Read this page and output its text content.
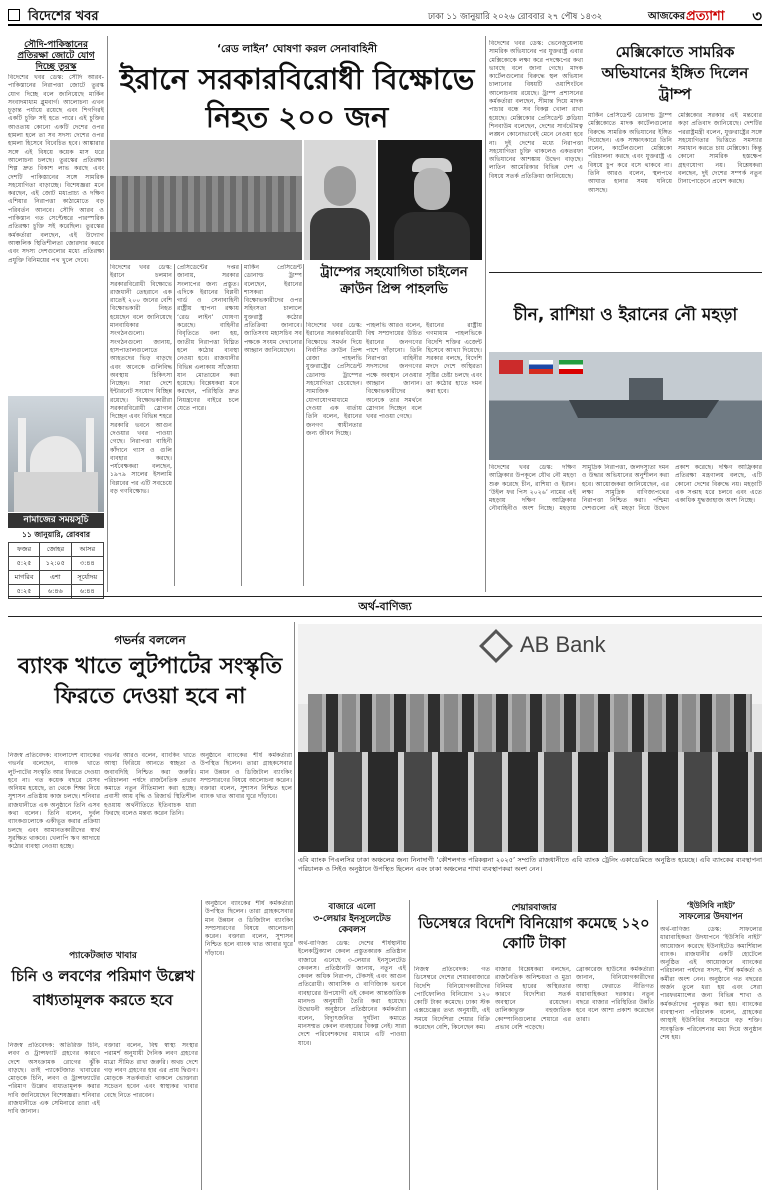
বিদেশের খবর	ঢাকা ১১ জানুয়ারি ২০২৬ রোববার ২৭ পৌষ ১৪৩২	আজকের প্রত্যাশা ৩
সৌদি-পাকিস্তানের প্রতিরক্ষা জোটে যোগ দিচ্ছে তুরস্ক
বিদেশের খবর ডেস্ক: সৌদি আরব-পাকিস্তানের নিরাপত্তা জোটে তুরস্ক যোগ দিচ্ছে বলে জানিয়েছে মার্কিন সংবাদমাধ্যম ব্লুমবার্গ। আলোচনা এখন চূড়ান্ত পর্যায়ে রয়েছে এবং শিগগিরই একটি চুক্তি সই হতে পারে। এই চুক্তির আওতায় কোনো একটি দেশের ওপর হামলা হলে তা সব সদস্য দেশের ওপর হামলা হিসেবে বিবেচিত হবে। আঙ্কারার সঙ্গে এই বিষয়ে কয়েক মাস ধরে আলোচনা চলছে। তুরস্কের প্রতিরক্ষা শিল্প দ্রুত বিকাশ লাভ করছে এবং দেশটি পাকিস্তানের সঙ্গে সামরিক সহযোগিতা বাড়াচ্ছে। বিশেষজ্ঞরা মনে করছেন, এই জোট মধ্যপ্রাচ্য ও দক্ষিণ এশিয়ার নিরাপত্তা কাঠামোতে বড় পরিবর্তন আনবে। সৌদি আরব ও পাকিস্তান গত সেপ্টেম্বরে পারস্পরিক প্রতিরক্ষা চুক্তি সই করেছিল। তুরস্কের কর্মকর্তারা বলছেন, এই উদ্যোগ আঞ্চলিক স্থিতিশীলতা জোরদার করবে এবং সদস্য দেশগুলোর মধ্যে প্রতিরক্ষা প্রযুক্তি বিনিময়ের পথ খুলে দেবে।
নামাজের সময়সূচি
১১ জানুয়ারি, রোববার
ফজর	জোহর	আসর
৫:২৫	১২:০৫	৩:৪৪
মাগরিব	এশা	সূর্যোদয়
৫:২৫	৬:৪৬	৬:৪৪
‘রেড লাইন’ ঘোষণা করল সেনাবাহিনী
ইরানে সরকারবিরোধী বিক্ষোভে নিহত ২০০ জন
বিদেশের খবর ডেস্ক: ইরানে চলমান সরকারবিরোধী বিক্ষোভে রাজধানী তেহরানে এক রাতেই ২০০ জনের বেশি বিক্ষোভকারী নিহত হয়েছেন বলে জানিয়েছে মানবাধিকার সংগঠনগুলো। সংগঠনগুলো জানায়, হাসপাতালগুলোতে আহতদের ভিড় বাড়ছে এবং অনেকে গুলিবিদ্ধ অবস্থায় চিকিৎসা নিচ্ছেন। সারা দেশে ইন্টারনেট সংযোগ বিচ্ছিন্ন রয়েছে। বিক্ষোভকারীরা সরকারবিরোধী স্লোগান দিচ্ছেন এবং বিভিন্ন শহরে সরকারি ভবনে আগুন দেওয়ার খবর পাওয়া গেছে। নিরাপত্তা বাহিনী কাঁদানে গ্যাস ও গুলি ব্যবহার করছে। পর্যবেক্ষকরা বলছেন, ১৯৭৯ সালের ইসলামি বিপ্লবের পর এটি সবচেয়ে বড় গণবিক্ষোভ।
প্রেসিডেন্টের দপ্তর জানায়, সরকার সংলাপের জন্য প্রস্তুত। এদিকে ইরানের বিপ্লবী গার্ড ও সেনাবাহিনী রাষ্ট্রীয় স্থাপনা রক্ষায় ‘রেড লাইন’ ঘোষণা করেছে। বাহিনীর বিবৃতিতে বলা হয়, জাতীয় নিরাপত্তা বিঘ্নিত হলে কঠোর ব্যবস্থা নেওয়া হবে। রাজধানীর বিভিন্ন এলাকায় সাঁজোয়া যান মোতায়েন করা হয়েছে। বিশ্লেষকরা মনে করছেন, পরিস্থিতি দ্রুত নিয়ন্ত্রণের বাইরে চলে যেতে পারে।
মার্কিন প্রেসিডেন্ট ডোনাল্ড ট্রাম্প বলেছেন, ইরানের শাসকরা বিক্ষোভকারীদের ওপর সহিংসতা চালালে যুক্তরাষ্ট্র কঠোর প্রতিক্রিয়া জানাবে। জাতিসংঘ মহাসচিব সব পক্ষকে সংযম দেখানোর আহ্বান জানিয়েছেন।
ট্রাম্পের সহযোগিতা চাইলেন ক্রাউন প্রিন্স পাহলভি
বিদেশের খবর ডেস্ক: ইরানের সরকারবিরোধী বিক্ষোভে সমর্থন দিয়ে নির্বাসিত ক্রাউন প্রিন্স রেজা পাহলভি যুক্তরাষ্ট্রের প্রেসিডেন্ট ডোনাল্ড ট্রাম্পের সহযোগিতা চেয়েছেন। সামাজিক যোগাযোগমাধ্যমে দেওয়া এক বার্তায় তিনি বলেন, ইরানের জনগণ স্বাধীনতার জন্য জীবন দিচ্ছে।
পাহলভি আরও বলেন, বিশ্ব সম্প্রদায়ের উচিত ইরানের জনগণের পাশে দাঁড়ানো। তিনি নিরাপত্তা বাহিনীর সদস্যদের জনগণের পক্ষে অবস্থান নেওয়ার আহ্বান জানান। বিক্ষোভকারীদের অনেকে তার সমর্থনে স্লোগান দিচ্ছেন বলে খবর পাওয়া গেছে।
ইরানের রাষ্ট্রীয় গণমাধ্যম পাহলভিকে বিদেশি শক্তির এজেন্ট হিসেবে আখ্যা দিয়েছে। সরকার বলছে, বিদেশি মদদে দেশে অস্থিরতা সৃষ্টির চেষ্টা চলছে এবং তা কঠোর হাতে দমন করা হবে।
বিদেশের খবর ডেস্ক: ভেনেজুয়েলায় সামরিক অভিযানের পর যুক্তরাষ্ট্র এবার মেক্সিকোকে লক্ষ্য করে পদক্ষেপের কথা ভাবছে বলে জানা গেছে। মাদক কার্টেলগুলোর বিরুদ্ধে স্থল অভিযান চালানোর বিষয়টি ওয়াশিংটনে আলোচনায় রয়েছে। ট্রাম্প প্রশাসনের কর্মকর্তারা বলছেন, সীমান্ত দিয়ে মাদক পাচার বন্ধে সব বিকল্প খোলা রাখা হয়েছে। মেক্সিকোর প্রেসিডেন্ট ক্লডিয়া শিনবাউম বলেছেন, দেশের সার্বভৌমত্ব লঙ্ঘন কোনোভাবেই মেনে নেওয়া হবে না। দুই দেশের মধ্যে নিরাপত্তা সহযোগিতা চুক্তি থাকলেও একতরফা অভিযানের আশঙ্কায় উদ্বেগ বাড়ছে। লাতিন আমেরিকার বিভিন্ন দেশ এ বিষয়ে সতর্ক প্রতিক্রিয়া জানিয়েছে।
মেক্সিকোতে সামরিক অভিযানের ইঙ্গিত দিলেন ট্রাম্প
মার্কিন প্রেসিডেন্ট ডোনাল্ড ট্রাম্প মেক্সিকোতে মাদক কার্টেলগুলোর বিরুদ্ধে সামরিক অভিযানের ইঙ্গিত দিয়েছেন। এক সাক্ষাৎকারে তিনি বলেন, কার্টেলগুলো মেক্সিকো পরিচালনা করছে এবং যুক্তরাষ্ট্র এ বিষয়ে চুপ করে বসে থাকবে না। তিনি আরও বলেন, স্থলপথে আঘাত হানার সময় ঘনিয়ে আসছে।
মেক্সিকোর সরকার এই মন্তব্যের কড়া প্রতিবাদ জানিয়েছে। দেশটির পররাষ্ট্রমন্ত্রী বলেন, যুক্তরাষ্ট্রের সঙ্গে সহযোগিতার ভিত্তিতে সমস্যার সমাধান করতে চায় মেক্সিকো। কিন্তু কোনো সামরিক হস্তক্ষেপ গ্রহণযোগ্য নয়। বিশ্লেষকরা বলছেন, দুই দেশের সম্পর্ক নতুন টানাপোড়েনে প্রবেশ করছে।
চীন, রাশিয়া ও ইরানের নৌ মহড়া
বিদেশের খবর ডেস্ক: দক্ষিণ আফ্রিকার উপকূলে যৌথ নৌ মহড়া শুরু করেছে চীন, রাশিয়া ও ইরান। ‘উইল ফর পিস ২০২৬’ নামের এই মহড়ায় দক্ষিণ আফ্রিকার নৌবাহিনীও অংশ নিচ্ছে। মহড়ায় সামুদ্রিক নিরাপত্তা, জলদস্যুতা দমন ও উদ্ধার অভিযানের অনুশীলন করা হবে। আয়োজকরা জানিয়েছেন, এর লক্ষ্য সামুদ্রিক বাণিজ্যপথের নিরাপত্তা নিশ্চিত করা। পশ্চিমা দেশগুলো এই মহড়া নিয়ে উদ্বেগ প্রকাশ করেছে। দক্ষিণ আফ্রিকার প্রতিরক্ষা মন্ত্রণালয় বলছে, এটি কোনো দেশের বিরুদ্ধে নয়। মহড়াটি এক সপ্তাহ ধরে চলবে এবং এতে একাধিক যুদ্ধজাহাজ অংশ নিচ্ছে।
অর্থ-বাণিজ্য
গভর্নর বললেন
ব্যাংক খাতে লুটপাটের সংস্কৃতি ফিরতে দেওয়া হবে না
নিজস্ব প্রতিবেদক: বাংলাদেশ ব্যাংকের গভর্নর বলেছেন, ব্যাংক খাতে লুটপাটের সংস্কৃতি আর ফিরতে দেওয়া হবে না। গত কয়েক বছরে যেসব অনিয়ম হয়েছে, তা থেকে শিক্ষা নিয়ে সুশাসন প্রতিষ্ঠায় কাজ চলছে। শনিবার রাজধানীতে এক অনুষ্ঠানে তিনি এসব কথা বলেন। তিনি বলেন, দুর্বল ব্যাংকগুলোকে একীভূত করার প্রক্রিয়া চলছে এবং আমানতকারীদের স্বার্থ সুরক্ষিত থাকবে। খেলাপি ঋণ আদায়ে কঠোর ব্যবস্থা নেওয়া হচ্ছে।
গভর্নর আরও বলেন, ব্যাংকিং খাতে আস্থা ফিরিয়ে আনতে স্বচ্ছতা ও জবাবদিহি নিশ্চিত করা জরুরি। পরিচালনা পর্ষদে রাজনৈতিক প্রভাব কমাতে নতুন নীতিমালা করা হচ্ছে। প্রবাসী আয় বৃদ্ধি ও রিজার্ভ স্থিতিশীল হওয়ায় অর্থনীতিতে ইতিবাচক ধারা ফিরছে বলেও মন্তব্য করেন তিনি।
অনুষ্ঠানে ব্যাংকের শীর্ষ কর্মকর্তারা উপস্থিত ছিলেন। তারা গ্রাহকসেবার মান উন্নয়ন ও ডিজিটাল ব্যাংকিং সম্প্রসারণের বিষয়ে আলোচনা করেন। বক্তারা বলেন, সুশাসন নিশ্চিত হলে ব্যাংক খাত আবার ঘুরে দাঁড়াবে।
AB Bank
এবি ব্যাংক পিএলসির ঢাকা অঞ্চলের জন্য নিনাদাগী ‘কৌশলগত পরিকল্পনা ২০২৫’ সম্প্রতি রাজধানীতে এবি ব্যাংক ট্রেনিং একাডেমিতে অনুষ্ঠিত হয়েছে। এবি ব্যাংকের ব্যবস্থাপনা পরিচালক ও সিইও অনুষ্ঠানে উপস্থিত ছিলেন এবং ঢাকা অঞ্চলের শাখা ব্যবস্থাপকরা অংশ নেন।
প্যাকেটজাত খাবার
চিনি ও লবণের পরিমাণ উল্লেখ বাধ্যতামূলক করতে হবে
নিজস্ব প্রতিবেদক: অতিরিক্ত চিনি, লবণ ও ট্রান্সফ্যাট গ্রহণের কারণে দেশে অসংক্রামক রোগের ঝুঁকি বাড়ছে। তাই প্যাকেটজাত খাবারের মোড়কে চিনি, লবণ ও ট্রান্সফ্যাটের পরিমাণ উল্লেখ বাধ্যতামূলক করার দাবি জানিয়েছেন বিশেষজ্ঞরা। শনিবার রাজধানীতে এক সেমিনারে তারা এই দাবি জানান।
বক্তারা বলেন, বিশ্ব স্বাস্থ্য সংস্থার পরামর্শ অনুযায়ী দৈনিক লবণ গ্রহণের মাত্রা সীমিত রাখা জরুরি। অথচ দেশে গড় লবণ গ্রহণের হার এর প্রায় দ্বিগুণ। মোড়কে সতর্কবার্তা থাকলে ভোক্তারা সচেতন হবেন এবং স্বাস্থ্যকর খাবার বেছে নিতে পারবেন।
অনুষ্ঠানে ব্যাংকের শীর্ষ কর্মকর্তারা উপস্থিত ছিলেন। তারা গ্রাহকসেবার মান উন্নয়ন ও ডিজিটাল ব্যাংকিং সম্প্রসারণের বিষয়ে আলোচনা করেন। বক্তারা বলেন, সুশাসন নিশ্চিত হলে ব্যাংক খাত আবার ঘুরে দাঁড়াবে।
বাজারে এলো
৩-লেয়ার ইনসুলেটেড কেবলস
অর্থ-বাণিজ্য ডেস্ক: দেশের শীর্ষস্থানীয় ইলেকট্রিক্যাল কেবল প্রস্তুতকারক প্রতিষ্ঠান বাজারে এনেছে ৩-লেয়ার ইনসুলেটেড কেবলস। প্রতিষ্ঠানটি জানায়, নতুন এই কেবল অধিক নিরাপদ, টেকসই এবং আগুন প্রতিরোধী। আবাসিক ও বাণিজ্যিক ভবনে ব্যবহারের উপযোগী এই কেবল আন্তর্জাতিক মানদণ্ড অনুযায়ী তৈরি করা হয়েছে। উদ্বোধনী অনুষ্ঠানে প্রতিষ্ঠানের কর্মকর্তারা বলেন, বিদ্যুৎজনিত দুর্ঘটনা কমাতে মানসম্মত কেবল ব্যবহারের বিকল্প নেই। সারা দেশে পরিবেশকদের মাধ্যমে এটি পাওয়া যাবে।
শেয়ারবাজার
ডিসেম্বরে বিদেশি বিনিয়োগ কমেছে ১২০ কোটি টাকা
নিজস্ব প্রতিবেদক: গত ডিসেম্বরে দেশের শেয়ারবাজারে বিদেশি বিনিয়োগকারীদের পোর্টফোলিও বিনিয়োগ ১২০ কোটি টাকা কমেছে। ঢাকা স্টক এক্সচেঞ্জের তথ্য অনুযায়ী, এই সময়ে বিদেশিরা শেয়ার বিক্রি করেছেন বেশি, কিনেছেন কম।
বাজার বিশ্লেষকরা বলছেন, রাজনৈতিক অনিশ্চয়তা ও মুদ্রা বিনিময় হারের অস্থিরতার কারণে বিদেশিরা সতর্ক অবস্থানে রয়েছেন। তালিকাভুক্ত বহুজাতিক কোম্পানিগুলোর শেয়ারে এর প্রভাব বেশি পড়েছে।
ব্রোকারেজ হাউসের কর্মকর্তারা জানান, বিনিয়োগকারীদের আস্থা ফেরাতে নীতিগত ধারাবাহিকতা দরকার। নতুন বছরে বাজার পরিস্থিতির উন্নতি হবে বলে আশা প্রকাশ করেছেন তারা।
‘ইউসিবি নাইট’
সাফল্যের উদযাপন
অর্থ-বাণিজ্য ডেস্ক: সাফল্যের ধারাবাহিকতা উদযাপনে ‘ইউসিবি নাইট’ আয়োজন করেছে ইউনাইটেড কমার্শিয়াল ব্যাংক। রাজধানীর একটি হোটেলে অনুষ্ঠিত এই আয়োজনে ব্যাংকের পরিচালনা পর্ষদের সদস্য, শীর্ষ কর্মকর্তা ও কর্মীরা অংশ নেন। অনুষ্ঠানে গত বছরের অর্জন তুলে ধরা হয় এবং সেরা পারফরম্যান্সের জন্য বিভিন্ন শাখা ও কর্মকর্তাদের পুরস্কৃত করা হয়। ব্যাংকের ব্যবস্থাপনা পরিচালক বলেন, গ্রাহকের আস্থাই ইউসিবির সবচেয়ে বড় শক্তি। সাংস্কৃতিক পরিবেশনার মধ্য দিয়ে অনুষ্ঠান শেষ হয়।
